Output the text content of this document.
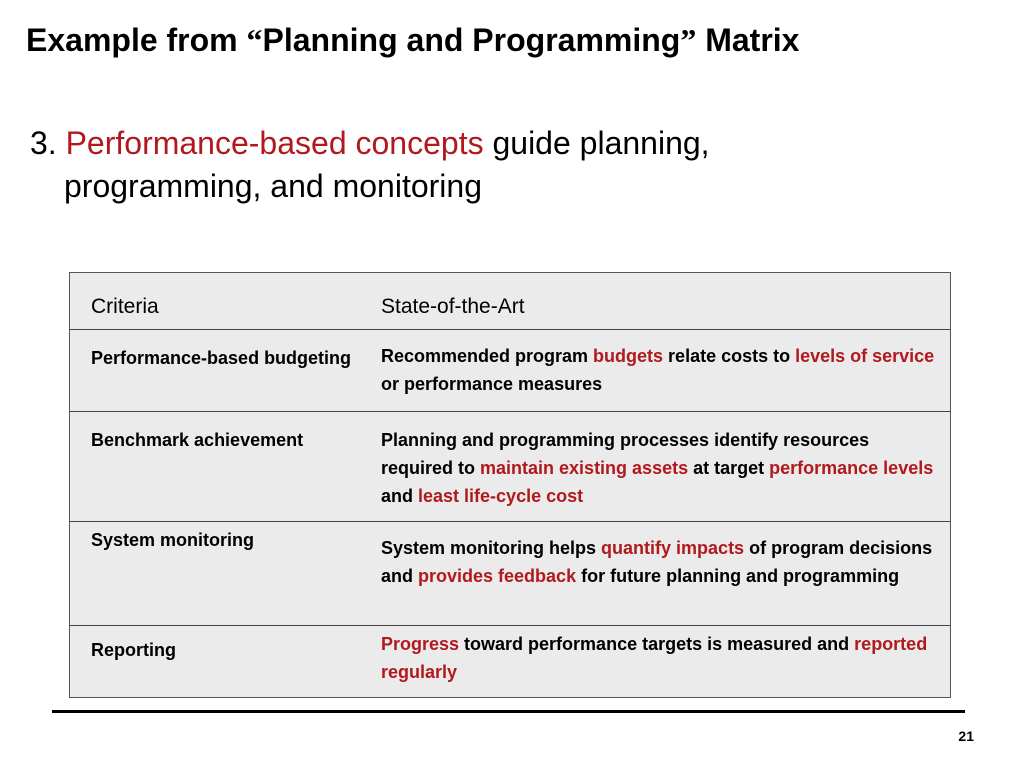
Example from “Planning and Programming” Matrix

3. Performance-based concepts guide planning,
programming, and monitoring

Criteria	State-of-the-Art
Performance-based budgeting	Recommended program budgets relate costs to levels of service or performance measures
Benchmark achievement	Planning and programming processes identify resources required to maintain existing assets at target performance levels and least life-cycle cost
System monitoring	System monitoring helps quantify impacts of program decisions and provides feedback for future planning and programming
Reporting	Progress toward performance targets is measured and reported regularly
21
